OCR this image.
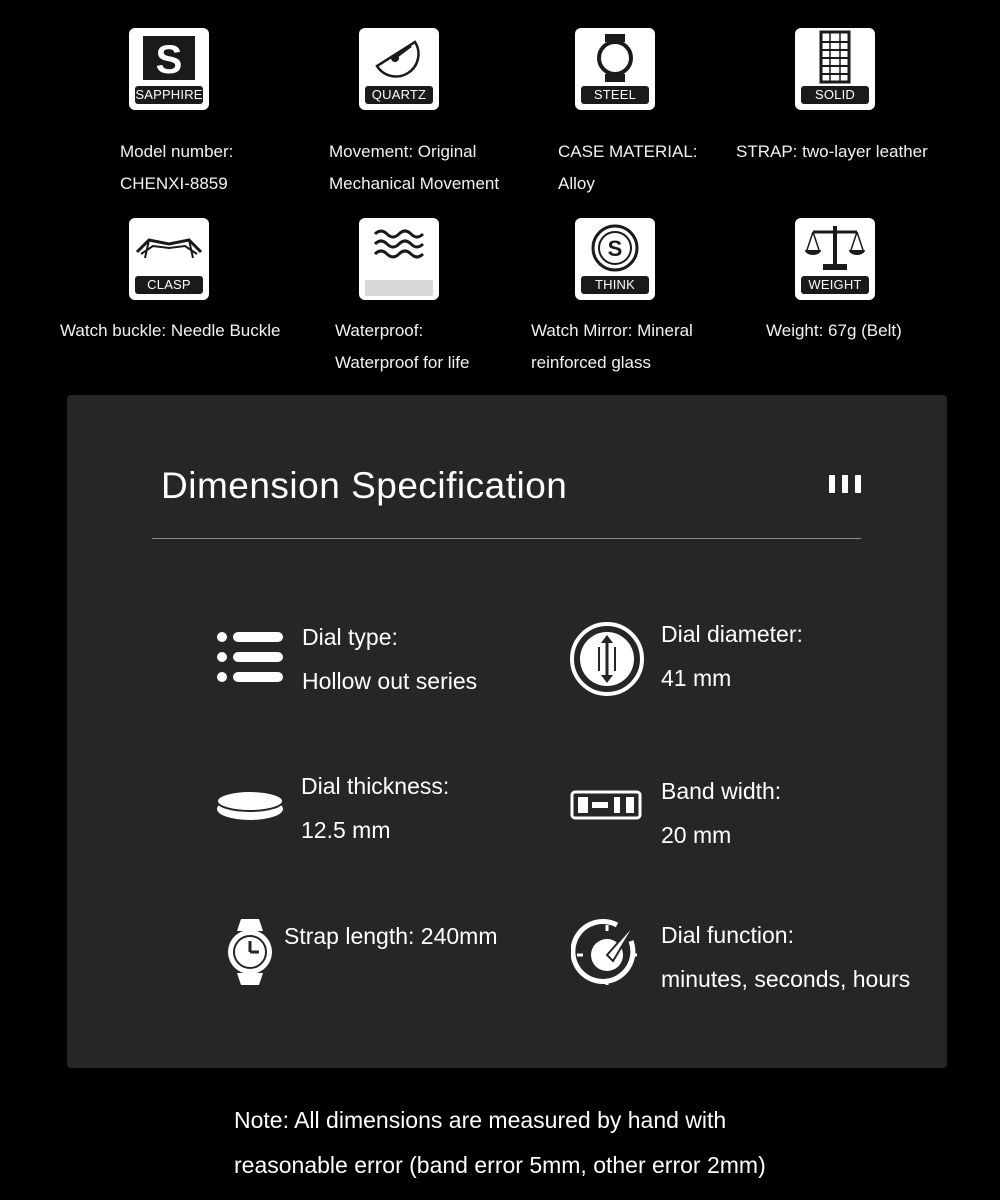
S
SAPPHIRE	QUARTZ	STEEL	SOLID
Model number:
CHENXI-8859
Movement: Original
Mechanical Movement
CASE MATERIAL:
Alloy
STRAP: two-layer leather
CLASP
S
THINK	WEIGHT
Watch buckle: Needle Buckle	Waterproof:
Waterproof for life
Watch Mirror: Mineral
reinforced glass
Weight: 67g (Belt)
Dimension Specification
Dial type:
Hollow out series
Dial diameter:
41 mm
Dial thickness:
12.5 mm
Band width:
20 mm
Strap length: 240mm	Dial function:
minutes, seconds, hours
Note: All dimensions are measured by hand with
reasonable error (band error 5mm, other error 2mm)
